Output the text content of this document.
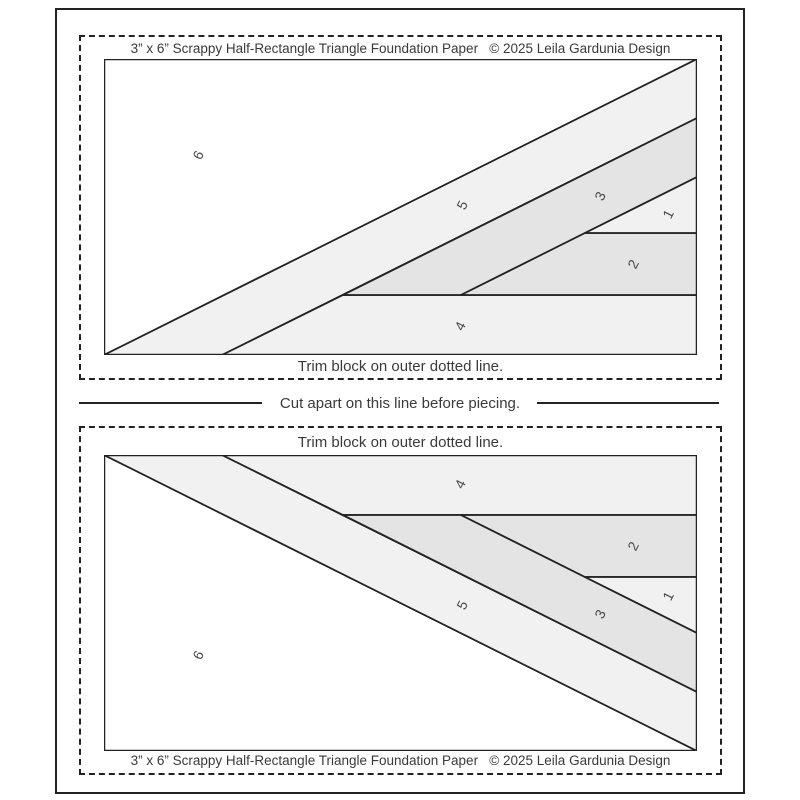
3” x 6” Scrappy Half-Rectangle Triangle Foundation Paper   © 2025 Leila Gardunia Design
Trim block on outer dotted line.
6
5
3
1
2
4
Cut apart on this line before piecing.
Trim block on outer dotted line.
3” x 6” Scrappy Half-Rectangle Triangle Foundation Paper   © 2025 Leila Gardunia Design
4
2
1
3
5
6
